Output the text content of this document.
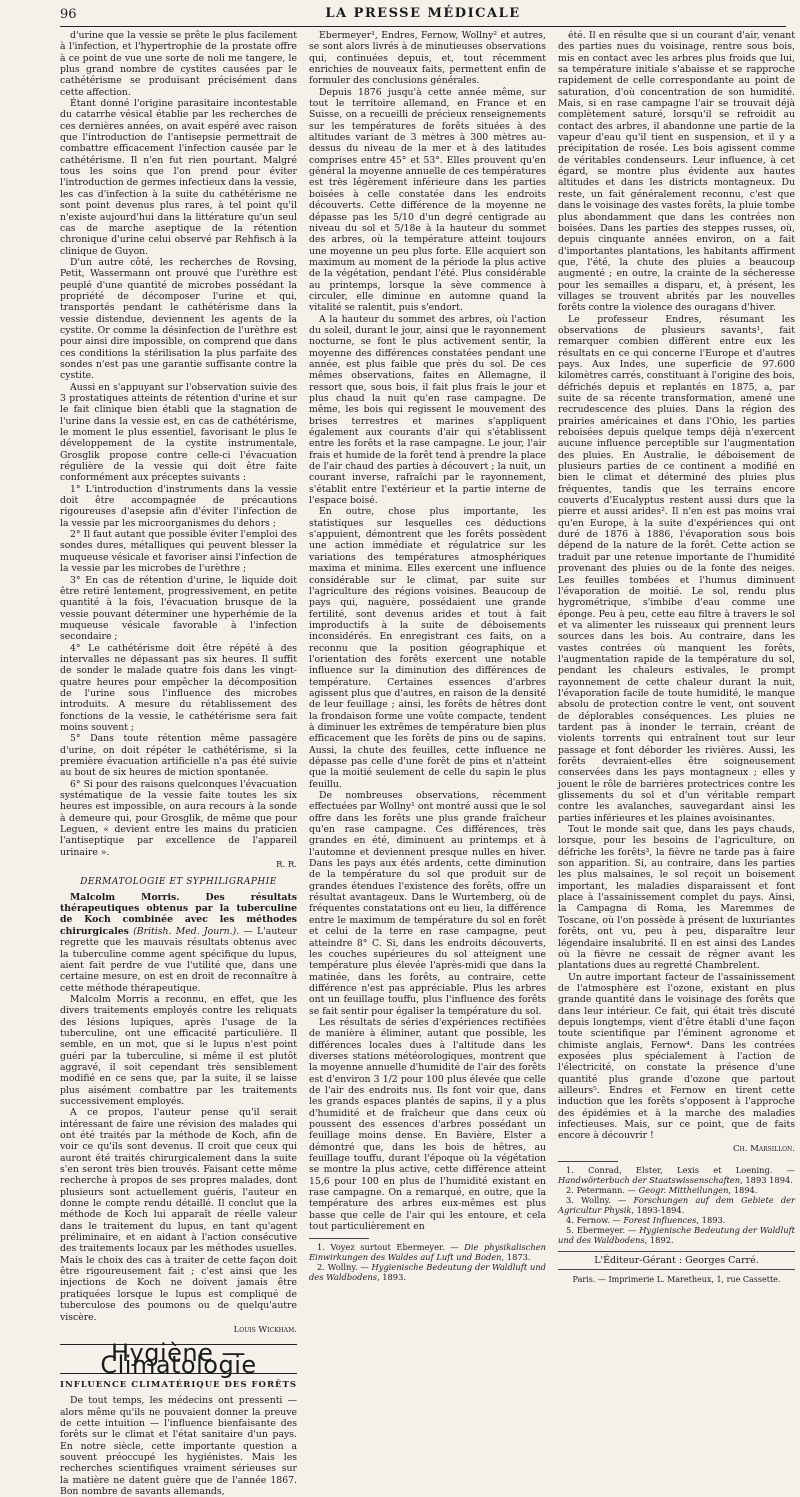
96	LA PRESSE MÉDICALE

d'urine que la vessie se prête le plus facilement à l'infection, et l'hypertrophie de la prostate offre à ce point de vue une sorte de noli me tangere, le plus grand nombre de cystites causées par le cathétérisme se produisant précisément dans cette affection.

Étant donné l'origine parasitaire incontestable du catarrhe vésical établie par les recherches de ces dernières années, on avait espéré avec raison que l'introduction de l'antisepsie permettrait de combattre efficacement l'infection causée par le cathétérisme. Il n'en fut rien pourtant. Malgré tous les soins que l'on prend pour éviter l'introduction de germes infectieux dans la vessie, les cas d'infection à la suite du cathétérisme ne sont point devenus plus rares, à tel point qu'il n'existe aujourd'hui dans la littérature qu'un seul cas de marche aseptique de la rétention chronique d'urine celui observé par Rehfisch à la clinique de Guyon.

D'un autre côté, les recherches de Rovsing, Petit, Wassermann ont prouvé que l'urèthre est peuplé d'une quantité de microbes possédant la propriété de décomposer l'urine et qui, transportés pendant le cathétérisme dans la vessie distendue, deviennent les agents de la cystite. Or comme la désinfection de l'urèthre est pour ainsi dire impossible, on comprend que dans ces conditions la stérilisation la plus parfaite des sondes n'est pas une garantie suffisante contre la cystite.

Aussi en s'appuyant sur l'observation suivie des 3 prostatiques atteints de rétention d'urine et sur le fait clinique bien établi que la stagnation de l'urine dans la vessie est, en cas de cathétérisme, le moment le plus essentiel, favorisant le plus le développement de la cystite instrumentale, Grosglik propose contre celle-ci l'évacuation régulière de la vessie qui doit être faite conformément aux préceptes suivants :

1° L'introduction d'instruments dans la vessie doit être accompagnée de précautions rigoureuses d'asepsie afin d'éviter l'infection de la vessie par les microorganismes du dehors ;

2° Il faut autant que possible éviter l'emploi des sondes dures, métalliques qui peuvent blesser la muqueuse vésicale et favoriser ainsi l'infection de la vessie par les microbes de l'urèthre ;

3° En cas de rétention d'urine, le liquide doit être retiré lentement, progressivement, en petite quantité à la fois, l'évacuation brusque de la vessie pouvant déterminer une hyperhémie de la muqueuse vésicale favorable à l'infection secondaire ;

4° Le cathétérisme doit être répété à des intervalles ne dépassant pas six heures. Il suffit de sonder le malade quatre fois dans les vingt-quatre heures pour empêcher la décomposition de l'urine sous l'influence des microbes introduits. A mesure du rétablissement des fonctions de la vessie, le cathétérisme sera fait moins souvent ;

5° Dans toute rétention même passagère d'urine, on doit répéter le cathétérisme, si la première évacuation artificielle n'a pas été suivie au bout de six heures de miction spontanée.

6° Si pour des raisons quelconques l'évacuation systématique de la vessie faite toutes les six heures est impossible, on aura recours à la sonde à demeure qui, pour Grosglik, de même que pour Leguen, « devient entre les mains du praticien l'antiseptique par excellence de l'appareil urinaire ».

R. R.
DERMATOLOGIE ET SYPHILIGRAPHIE

Malcolm Morris. Des résultats thérapeutiques obtenus par la tuberculine de Koch combinée avec les méthodes chirurgicales (British. Med. Journ.). — L'auteur regrette que les mauvais résultats obtenus avec la tuberculine comme agent spécifique du lupus, aient fait perdre de vue l'utilité que, dans une certaine mesure, on est en droit de reconnaître à cette méthode thérapeutique.

Malcolm Morris a reconnu, en effet, que les divers traitements employés contre les reliquats des lésions lupiques, après l'usage de la tuberculine, ont une efficacité particulière. Il semble, en un mot, que si le lupus n'est point guéri par la tuberculine, si même il est plutôt aggravé, il soit cependant très sensiblement modifié en ce sens que, par la suite, il se laisse plus aisément combattre par les traitements successivement employés.

A ce propos, l'auteur pense qu'il serait intéressant de faire une révision des malades qui ont été traités par la méthode de Koch, afin de voir ce qu'ils sont devenus. Il croit que ceux qui auront été traités chirurgicalement dans la suite s'en seront très bien trouvés. Faisant cette même recherche à propos de ses propres malades, dont plusieurs sont actuellement guéris, l'auteur en donne le compte rendu détaillé. Il conclut que la méthode de Koch lui apparaît de réelle valeur dans le traitement du lupus, en tant qu'agent préliminaire, et en aidant à l'action consécutive des traitements locaux par les méthodes usuelles. Mais le choix des cas à traiter de cette façon doit être rigoureusement fait ; c'est ainsi que les injections de Koch ne doivent jamais être pratiquées lorsque le lupus est compliqué de tuberculose des poumons ou de quelqu'autre viscère.

Louis Wickham.
Hygiène — Climatologie
INFLUENCE CLIMATÉRIQUE DES FORÊTS

De tout temps, les médecins ont pressenti — alors même qu'ils ne pouvaient donner la preuve de cette intuition — l'influence bienfaisante des forêts sur le climat et l'état sanitaire d'un pays. En notre siècle, cette importante question a souvent préoccupé les hygiénistes. Mais les recherches scientifiques vraiment sérieuses sur la matière ne datent guère que de l'année 1867. Bon nombre de savants allemands,

Ebermeyer¹, Endres, Fernow, Wollny² et autres, se sont alors livrés à de minutieuses observations qui, continuées depuis, et, tout récemment enrichies de nouveaux faits, permettent enfin de formuler des conclusions générales.

Depuis 1876 jusqu'à cette année même, sur tout le territoire allemand, en France et en Suisse, on a recueilli de précieux renseignements sur les températures de forêts situées à des altitudes variant de 3 mètres à 300 mètres au-dessus du niveau de la mer et à des latitudes comprises entre 45° et 53°. Elles prouvent qu'en général la moyenne annuelle de ces températures est très légèrement inférieure dans les parties boisées à celle constatée dans les endroits découverts. Cette différence de la moyenne ne dépasse pas les 5/10 d'un degré centigrade au niveau du sol et 5/18e à la hauteur du sommet des arbres, où la température atteint toujours une moyenne un peu plus forte. Elle acquiert son maximum au moment de la période la plus active de la végétation, pendant l'été. Plus considérable au printemps, lorsque la sève commence à circuler, elle diminue en automne quand la vitalité se ralentit, puis s'endort.

A la hauteur du sommet des arbres, où l'action du soleil, durant le jour, ainsi que le rayonnement nocturne, se font le plus activement sentir, la moyenne des différences constatées pendant une année, est plus faible que près du sol. De ces mêmes observations, faites en Allemagne, il ressort que, sous bois, il fait plus frais le jour et plus chaud la nuit qu'en rase campagne. De même, les bois qui regissent le mouvement des brises terrestres et marines s'appliquent également aux courants d'air qui s'établissent entre les forêts et la rase campagne. Le jour, l'air frais et humide de la forêt tend à prendre la place de l'air chaud des parties à découvert ; la nuit, un courant inverse, rafraîchi par le rayonnement, s'établit entre l'extérieur et la partie interne de l'espace boisé.

En outre, chose plus importante, les statistiques sur lesquelles ces déductions s'appuient, démontrent que les forêts possèdent une action immédiate et régulatrice sur les variations des températures atmosphériques maxima et minima. Elles exercent une influence considérable sur le climat, par suite sur l'agriculture des régions voisines. Beaucoup de pays qui, naguère, possédaient une grande fertilité, sont devenus arides et tout à fait improductifs à la suite de déboisements inconsidérés. En enregistrant ces faits, on a reconnu que la position géographique et l'orientation des forêts exercent une notable influence sur la diminution des différences de température. Certaines essences d'arbres agissent plus que d'autres, en raison de la densité de leur feuillage ; ainsi, les forêts de hêtres dont la frondaison forme une voûte compacte, tendent à diminuer les extrêmes de température bien plus efficacement que les forêts de pins ou de sapins. Aussi, la chute des feuilles, cette influence ne dépasse pas celle d'une forêt de pins et n'atteint que la moitié seulement de celle du sapin le plus feuillu.

De nombreuses observations, récemment effectuées par Wollny¹ ont montré aussi que le sol offre dans les forêts une plus grande fraîcheur qu'en rase campagne. Ces différences, très grandes en été, diminuent au printemps et à l'automne et deviennent presque nulles en hiver. Dans les pays aux étés ardents, cette diminution de la température du sol que produit sur de grandes étendues l'existence des forêts, offre un résultat avantageux. Dans le Wurtemberg, où de fréquentes constatations ont eu lieu, la différence entre le maximum de température du sol en forêt et celui de la terre en rase campagne, peut atteindre 8° C. Si, dans les endroits découverts, les couches supérieures du sol atteignent une température plus élevée l'après-midi que dans la matinée, dans les forêts, au contraire, cette différence n'est pas appréciable. Plus les arbres ont un feuillage touffu, plus l'influence des forêts se fait sentir pour égaliser la température du sol.

Les résultats de séries d'expériences rectifiées de manière à éliminer, autant que possible, les différences locales dues à l'altitude dans les diverses stations météorologiques, montrent que la moyenne annuelle d'humidité de l'air des forêts est d'environ 3 1/2 pour 100 plus élevée que celle de l'air des endroits nus. Ils font voir que, dans les grands espaces plantés de sapins, il y a plus d'humidité et de fraîcheur que dans ceux où poussent des essences d'arbres possédant un feuillage moins dense. En Bavière, Elster a démontré que, dans les bois de hêtres, au feuillage touffu, durant l'époque où la végétation se montre la plus active, cette différence atteint 15,6 pour 100 en plus de l'humidité existant en rase campagne. On a remarqué, en outre, que la température des arbres eux-mêmes est plus basse que celle de l'air qui les entoure, et cela tout particulièrement en

1. Voyez surtout Ebermeyer. — Die physikalischen Einwirkungen des Waldes auf Luft und Boden, 1873.
2. Wollny. — Hygienische Bedeutung der Waldluft und des Waldbodens, 1893.

été. Il en résulte que si un courant d'air, venant des parties nues du voisinage, rentre sous bois, mis en contact avec les arbres plus froids que lui, sa température initiale s'abaisse et se rapproche rapidement de celle correspondante au point de saturation, d'où concentration de son humidité. Mais, si en rase campagne l'air se trouvait déjà complètement saturé, lorsqu'il se refroidit au contact des arbres, il abandonne une partie de la vapeur d'eau qu'il tient en suspension, et il y a précipitation de rosée. Les bois agissent comme de véritables condenseurs. Leur influence, à cet égard, se montre plus évidente aux hautes altitudes et dans les districts montagneux. Du reste, un fait généralement reconnu, c'est que dans le voisinage des vastes forêts, la pluie tombe plus abondamment que dans les contrées non boisées. Dans les parties des steppes russes, où, depuis cinquante années environ, on a fait d'importantes plantations, les habitants affirment que, l'été, la chute des pluies a beaucoup augmenté ; en outre, la crainte de la sécheresse pour les semailles a disparu, et, à présent, les villages se trouvent abrités par les nouvelles forêts contre la violence des ouragans d'hiver.

Le professeur Endres, résumant les observations de plusieurs savants¹, fait remarquer combien diffèrent entre eux les résultats en ce qui concerne l'Europe et d'autres pays. Aux Indes, une superficie de 97.600 kilomètres carrés, constituant à l'origine des bois, défrichés depuis et replantés en 1875, a, par suite de sa récente transformation, amené une recrudescence des pluies. Dans la région des prairies américaines et dans l'Ohio, les parties reboisées depuis quelque temps déjà n'exercent aucune influence perceptible sur l'augmentation des pluies. En Australie, le déboisement de plusieurs parties de ce continent a modifié en bien le climat et déterminé des pluies plus fréquentes, tandis que les terrains encore couverts d'Eucalyptus restent aussi durs que la pierre et aussi arides². Il n'en est pas moins vrai qu'en Europe, à la suite d'expériences qui ont duré de 1876 à 1886, l'évaporation sous bois dépend de la nature de la forêt. Cette action se traduit par une retenue importante de l'humidité provenant des pluies ou de la fonte des neiges. Les feuilles tombées et l'humus diminuent l'évaporation de moitié. Le sol, rendu plus hygrométrique, s'imbibe d'eau comme une éponge. Peu à peu, cette eau filtre à travers le sol et va alimenter les ruisseaux qui prennent leurs sources dans les bois. Au contraire, dans les vastes contrées où manquent les forêts, l'augmentation rapide de la température du sol, pendant les chaleurs estivales, le prompt rayonnement de cette chaleur durant la nuit, l'évaporation facile de toute humidité, le manque absolu de protection contre le vent, ont souvent de déplorables conséquences. Les pluies ne tardent pas à inonder le terrain, créant de violents torrents qui entraînent tout sur leur passage et font déborder les rivières. Aussi, les forêts devraient-elles être soigneusement conservées dans les pays montagneux ; elles y jouent le rôle de barrières protectrices contre les glissements du sol et d'un véritable rempart contre les avalanches, sauvegardant ainsi les parties inférieures et les plaines avoisinantes.

Tout le monde sait que, dans les pays chauds, lorsque, pour les besoins de l'agriculture, on défriche les forêts³, la fièvre ne tarde pas à faire son apparition. Si, au contraire, dans les parties les plus malsaines, le sol reçoit un boisement important, les maladies disparaissent et font place à l'assainissement complet du pays. Ainsi, la Campagna di Roma, les Maremmes de Toscane, où l'on possède à présent de luxuriantes forêts, ont vu, peu à peu, disparaître leur légendaire insalubrité. Il en est ainsi des Landes où la fièvre ne cessait de régner avant les plantations dues au regretté Chambrelent.

Un autre important facteur de l'assainissement de l'atmosphère est l'ozone, existant en plus grande quantité dans le voisinage des forêts que dans leur intérieur. Ce fait, qui était très discuté depuis longtemps, vient d'être établi d'une façon toute scientifique par l'éminent agronome et chimiste anglais, Fernow⁴. Dans les contrées exposées plus spécialement à l'action de l'électricité, on constate la présence d'une quantité plus grande d'ozone que partout ailleurs⁵. Endres et Fernow en tirent cette induction que les forêts s'opposent à l'approche des épidémies et à la marche des maladies infectieuses. Mais, sur ce point, que de faits encore à découvrir !

Ch. Marsillon.
1. Conrad, Elster, Lexis et Loening. — Handwörterbuch der Staatswissenschaften, 1893 1894.
2. Petermann. — Geogr. Mittheilungen, 1894.
3. Wollny. — Forschungen auf dem Gebiete der Agricultur Physik, 1893-1894.
4. Fernow. — Forest Influences, 1893.
5. Ebermeyer. — Hygienische Bedeutung der Waldluft und des Waldbodens, 1892.
L'Éditeur-Gérant : Georges Carré.
Paris. — Imprimerie L. Maretheux, 1, rue Cassette.
